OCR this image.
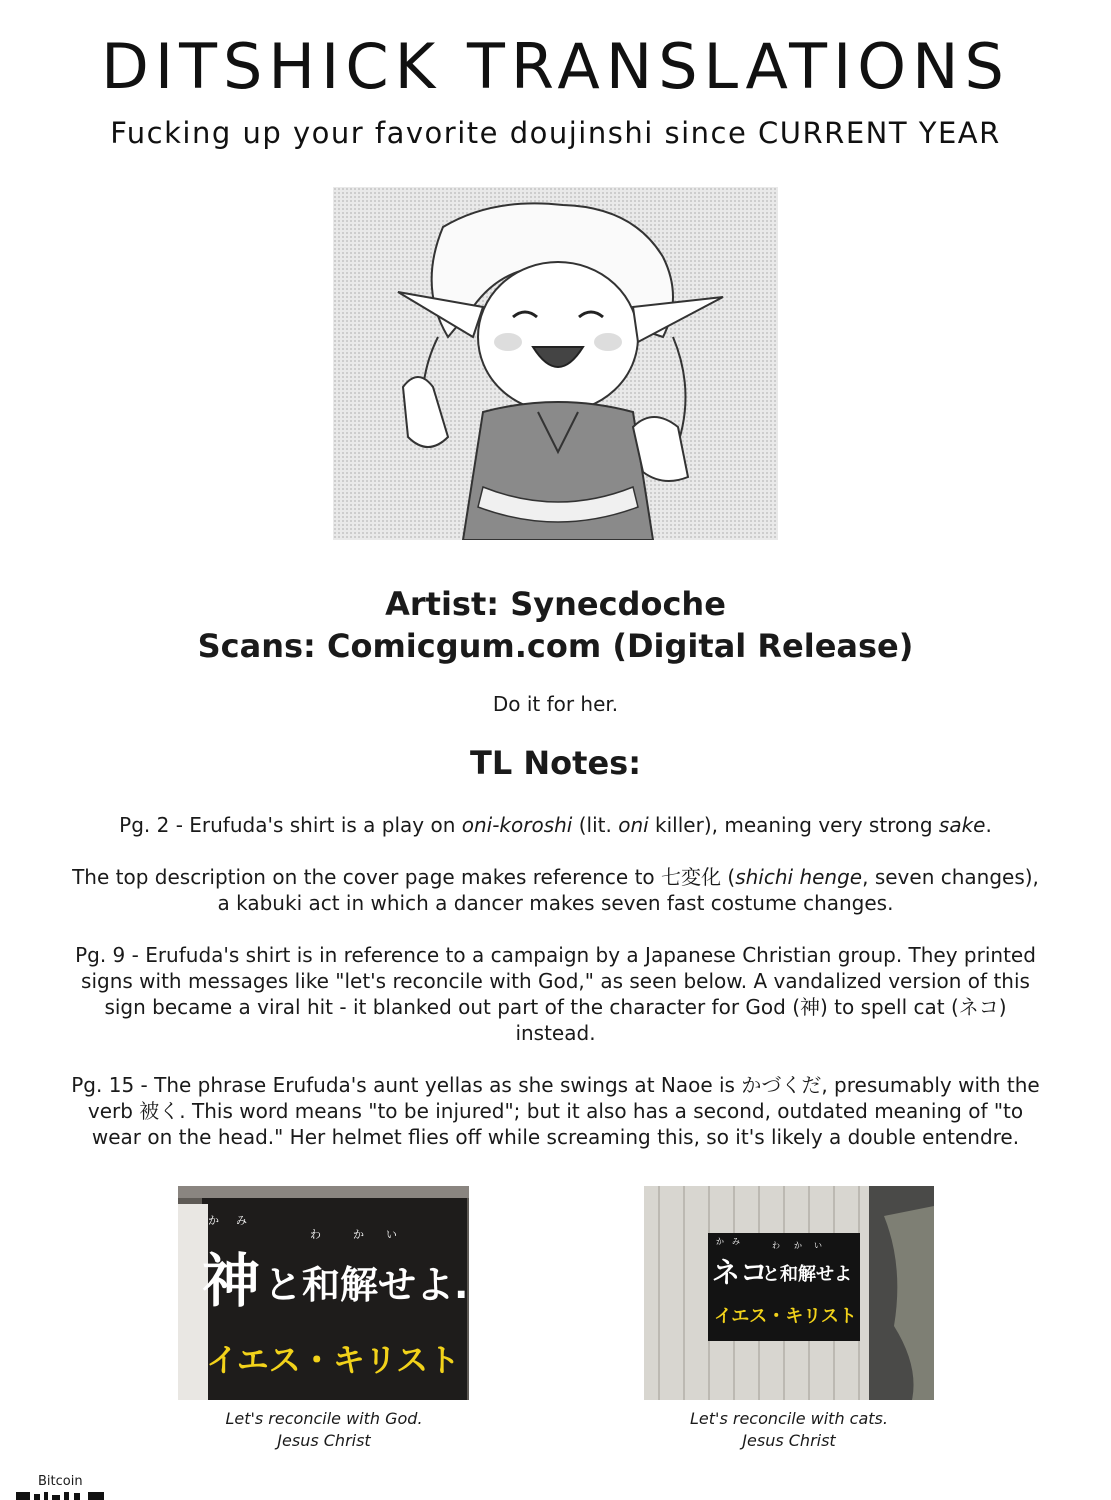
DITSHICK TRANSLATIONS
Fucking up your favorite doujinshi since CURRENT YEAR
Artist: Synecdoche
Scans: Comicgum.com (Digital Release)
Do it for her.
TL Notes:

Pg. 2 - Erufuda's shirt is a play on oni-koroshi (lit. oni killer), meaning very strong sake.

The top description on the cover page makes reference to 七変化 (shichi henge, seven changes), a kabuki act in which a dancer makes seven fast costume changes.

Pg. 9 - Erufuda's shirt is in reference to a campaign by a Japanese Christian group. They printed signs with messages like "let's reconcile with God," as seen below. A vandalized version of this sign became a viral hit - it blanked out part of the character for God (神) to spell cat (ネコ) instead.

Pg. 15 - The phrase Erufuda's aunt yellas as she swings at Naoe is かづくだ, presumably with the verb 被く. This word means "to be injured"; but it also has a second, outdated meaning of "to wear on the head." Her helmet flies off while screaming this, so it's likely a double entendre.

か み
わ	か い
神 と和解せよ.
イエス・キリスト
Let's reconcile with God.
Jesus Christ
か み	わ か い
ネコ
と和解せよ
イエス・キリスト
Let's reconcile with cats.
Jesus Christ
Bitcoin
